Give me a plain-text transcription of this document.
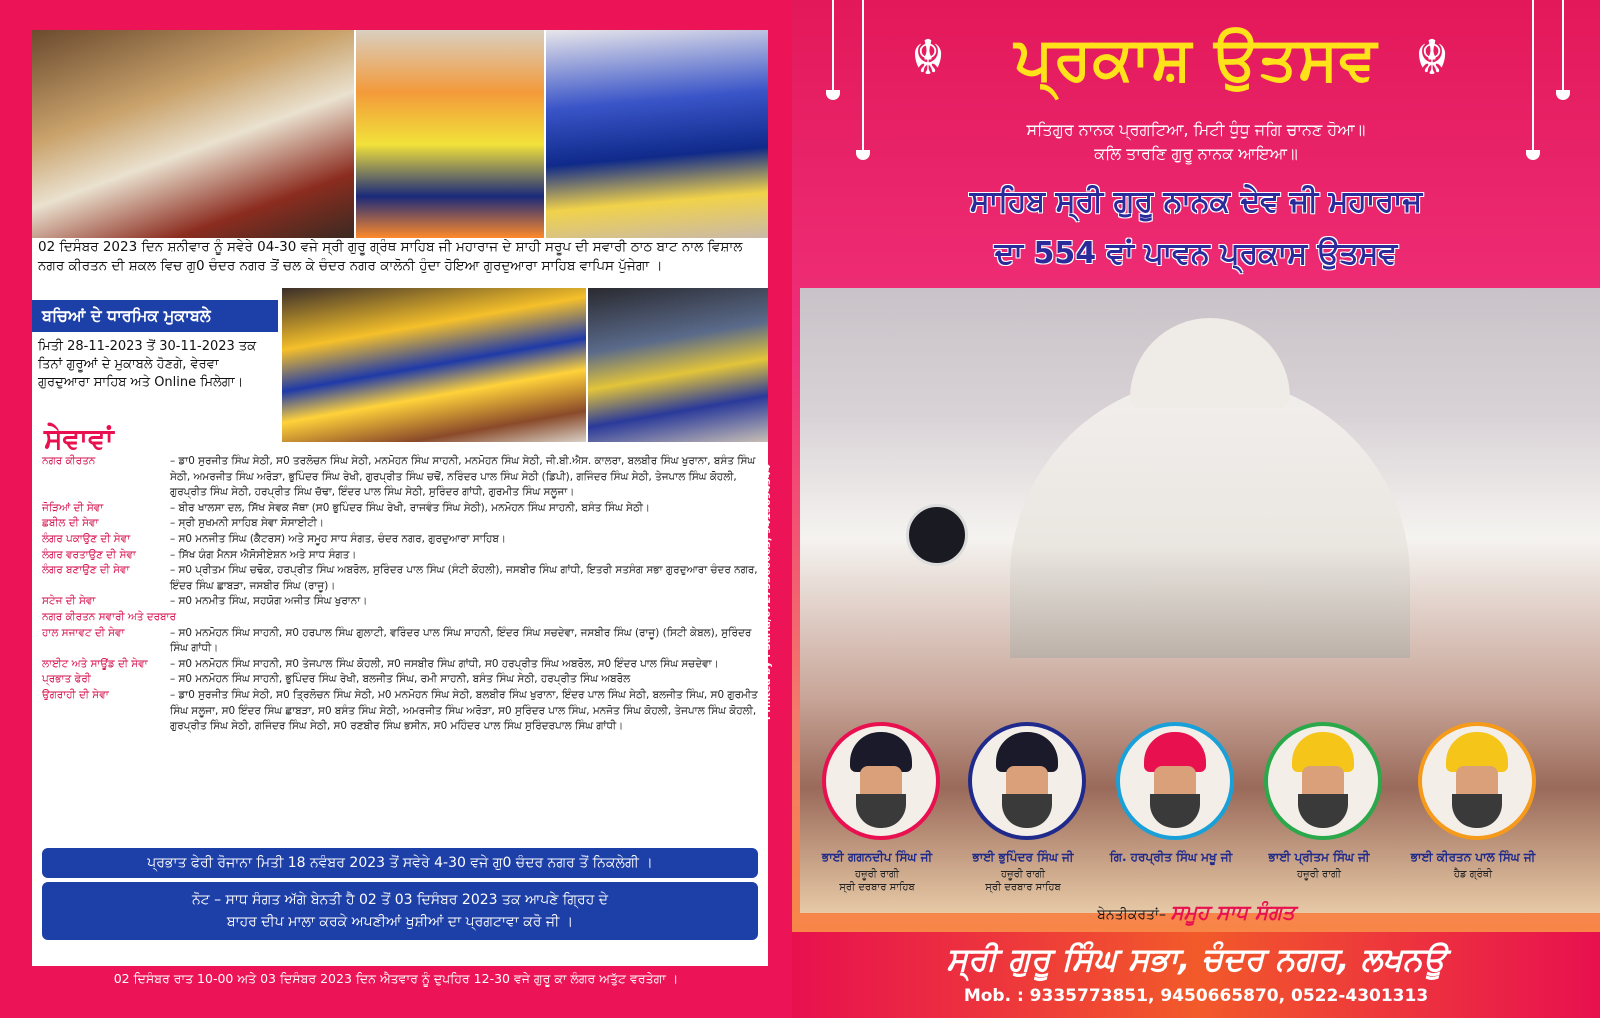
02 ਦਿਸੰਬਰ 2023 ਦਿਨ ਸ਼ਨੀਵਾਰ ਨੂੰ ਸਵੇਰੇ 04-30 ਵਜੇ ਸ੍ਰੀ ਗੁਰੂ ਗ੍ਰੰਥ ਸਾਹਿਬ ਜੀ ਮਹਾਰਾਜ ਦੇ ਸ਼ਾਹੀ ਸਰੂਪ ਦੀ ਸਵਾਰੀ ਠਾਠ ਬਾਟ ਨਾਲ ਵਿਸ਼ਾਲ ਨਗਰ ਕੀਰਤਨ ਦੀ ਸ਼ਕਲ ਵਿਚ ਗੁ0 ਚੰਦਰ ਨਗਰ ਤੋਂ ਚਲ ਕੇ ਚੰਦਰ ਨਗਰ ਕਾਲੋਨੀ ਹੁੰਦਾ ਹੋਇਆ ਗੁਰਦੁਆਰਾ ਸਾਹਿਬ ਵਾਪਿਸ ਪੁੱਜੇਗਾ ।
ਬਚਿਆਂ ਦੇ ਧਾਰਮਿਕ ਮੁਕਾਬਲੇ
ਮਿਤੀ 28-11-2023 ਤੋਂ 30-11-2023 ਤਕ ਤਿਨਾਂ ਗੁਰੂਆਂ ਦੇ ਮੁਕਾਬਲੇ ਹੋਣਗੇ, ਵੇਰਵਾ ਗੁਰਦੁਆਰਾ ਸਾਹਿਬ ਅਤੇ Online ਮਿਲੇਗਾ।
ਸੇਵਾਵਾਂ
ਨਗਰ ਕੀਰਤਨ	– ਡਾ0 ਸੁਰਜੀਤ ਸਿੰਘ ਸੇਠੀ, ਸ0 ਤਰਲੋਚਨ ਸਿੰਘ ਸੇਠੀ, ਮਨਮੋਹਨ ਸਿੰਘ ਸਾਹਨੀ, ਮਨਮੋਹਨ ਸਿੰਘ ਸੇਠੀ, ਜੀ.ਬੀ.ਐਸ. ਕਾਲਰਾ, ਬਲਬੀਰ ਸਿੰਘ ਖੁਰਾਨਾ, ਬਸੰਤ ਸਿੰਘ ਸੇਠੀ, ਅਮਰਜੀਤ ਸਿੰਘ ਅਰੋੜਾ, ਭੁਪਿੰਦਰ ਸਿੰਘ ਰੇਖੀ, ਗੁਰਪ੍ਰੀਤ ਸਿੰਘ ਚਢੋਂ, ਨਰਿੰਦਰ ਪਾਲ ਸਿੰਘ ਸੇਠੀ (ਡਿਪੀ), ਗਜਿੰਦਰ ਸਿੰਘ ਸੇਠੀ, ਤੇਜਪਾਲ ਸਿੰਘ ਕੋਹਲੀ, ਗੁਰਪ੍ਰੀਤ ਸਿੰਘ ਸੇਠੀ, ਹਰਪ੍ਰੀਤ ਸਿੰਘ ਚੱਢਾ, ਇੰਦਰ ਪਾਲ ਸਿੰਘ ਸੇਠੀ, ਸੁਰਿੰਦਰ ਗਾਂਧੀ, ਗੁਰਮੀਤ ਸਿੰਘ ਸਲੂਜਾ।
ਜੋੜਿਆਂ ਦੀ ਸੇਵਾ	– ਬੀਰ ਖਾਲਸਾ ਦਲ, ਸਿੱਖ ਸੇਵਕ ਜੱਥਾ (ਸ0 ਭੁਪਿੰਦਰ ਸਿੰਘ ਰੇਖੀ, ਰਾਜਵੰਤ ਸਿੰਘ ਸੇਠੀ), ਮਨਮੋਹਨ ਸਿੰਘ ਸਾਹਨੀ, ਬਸੰਤ ਸਿੰਘ ਸੇਠੀ।
ਛਬੀਲ ਦੀ ਸੇਵਾ	– ਸ੍ਰੀ ਸੁਖਮਨੀ ਸਾਹਿਬ ਸੇਵਾ ਸੋਸਾਈਟੀ।
ਲੰਗਰ ਪਕਾਉਣ ਦੀ ਸੇਵਾ	– ਸ0 ਮਨਜੀਤ ਸਿੰਘ (ਕੈਟਰਸ) ਅਤੇ ਸਮੂਹ ਸਾਧ ਸੰਗਤ, ਚੰਦਰ ਨਗਰ, ਗੁਰਦੁਆਰਾ ਸਾਹਿਬ।
ਲੰਗਰ ਵਰਤਾਉਣ ਦੀ ਸੇਵਾ	– ਸਿੱਖ ਯੰਗ ਮੈਨਸ ਐਸੋਸੀਏਸ਼ਨ ਅਤੇ ਸਾਧ ਸੰਗਤ।
ਲੰਗਰ ਬਣਾਉਣ ਦੀ ਸੇਵਾ	– ਸ0 ਪ੍ਰੀਤਮ ਸਿੰਘ ਚਢੋਕ, ਹਰਪ੍ਰੀਤ ਸਿੰਘ ਅਬਰੋਲ, ਸੁਰਿੰਦਰ ਪਾਲ ਸਿੰਘ (ਸੰਟੀ ਕੋਹਲੀ), ਜਸਬੀਰ ਸਿੰਘ ਗਾਂਧੀ, ਇਤਰੀ ਸਤਸੰਗ ਸਭਾ ਗੁਰਦੁਆਰਾ ਚੰਦਰ ਨਗਰ, ਇੰਦਰ ਸਿੰਘ ਛਾਬੜਾ, ਜਸਬੀਰ ਸਿੰਘ (ਰਾਜੂ)।
ਸਟੇਜ ਦੀ ਸੇਵਾ	– ਸ0 ਮਨਮੀਤ ਸਿੰਘ, ਸਹਯੋਗ ਅਜੀਤ ਸਿੰਘ ਖੁਰਾਨਾ।
ਨਗਰ ਕੀਰਤਨ ਸਵਾਰੀ ਅਤੇ ਦਰਬਾਰ
ਹਾਲ ਸਜਾਵਟ ਦੀ ਸੇਵਾ	– ਸ0 ਮਨਮੋਹਨ ਸਿੰਘ ਸਾਹਨੀ, ਸ0 ਹਰਪਾਲ ਸਿੰਘ ਗੁਲਾਟੀ, ਵਰਿੰਦਰ ਪਾਲ ਸਿੰਘ ਸਾਹਨੀ, ਇੰਦਰ ਸਿੰਘ ਸਚਦੇਵਾ, ਜਸਬੀਰ ਸਿੰਘ (ਰਾਜੂ) (ਸਿਟੀ ਕੇਬਲ), ਸੁਰਿੰਦਰ ਸਿੰਘ ਗਾਂਧੀ।
ਲਾਈਟ ਅਤੇ ਸਾਊਂਡ ਦੀ ਸੇਵਾ	– ਸ0 ਮਨਮੋਹਨ ਸਿੰਘ ਸਾਹਨੀ, ਸ0 ਤੇਜਪਾਲ ਸਿੰਘ ਕੋਹਲੀ, ਸ0 ਜਸਬੀਰ ਸਿੰਘ ਗਾਂਧੀ, ਸ0 ਹਰਪ੍ਰੀਤ ਸਿੰਘ ਅਬਰੋਲ, ਸ0 ਇੰਦਰ ਪਾਲ ਸਿੰਘ ਸਚਦੇਵਾ।
ਪ੍ਰਭਾਤ ਫੇਰੀ	– ਸ0 ਮਨਮੋਹਨ ਸਿੰਘ ਸਾਹਨੀ, ਭੁਪਿੰਦਰ ਸਿੰਘ ਰੇਖੀ, ਬਲਜੀਤ ਸਿੰਘ, ਰਮੀ ਸਾਹਨੀ, ਬਸੰਤ ਸਿੰਘ ਸੇਠੀ, ਹਰਪ੍ਰੀਤ ਸਿੰਘ ਅਬਰੋਲ
ਉਗਰਾਹੀ ਦੀ ਸੇਵਾ	– ਡਾ0 ਸੁਰਜੀਤ ਸਿੰਘ ਸੇਠੀ, ਸ0 ਤ੍ਰਿਲੋਚਨ ਸਿੰਘ ਸੇਠੀ, ਮ0 ਮਨਮੋਹਨ ਸਿੰਘ ਸੇਠੀ, ਬਲਬੀਰ ਸਿੰਘ ਖੁਰਾਨਾ, ਇੰਦਰ ਪਾਲ ਸਿੰਘ ਸੇਠੀ, ਬਲਜੀਤ ਸਿੰਘ, ਸ0 ਗੁਰਮੀਤ ਸਿੰਘ ਸਲੂਜਾ, ਸ0 ਇੰਦਰ ਸਿੰਘ ਛਾਬੜਾ, ਸ0 ਬਸੰਤ ਸਿੰਘ ਸੇਠੀ, ਅਮਰਜੀਤ ਸਿੰਘ ਅਰੋੜਾ, ਸ0 ਸੁਰਿੰਦਰ ਪਾਲ ਸਿੰਘ, ਮਨਜੋਤ ਸਿੰਘ ਕੋਹਲੀ, ਤੇਜਪਾਲ ਸਿੰਘ ਕੋਹਲੀ, ਗੁਰਪ੍ਰੀਤ ਸਿੰਘ ਸੇਠੀ, ਗਜਿੰਦਰ ਸਿੰਘ ਸੇਠੀ, ਸ0 ਰਣਬੀਰ ਸਿੰਘ ਭਸੀਨ, ਸ0 ਮਹਿੰਦਰ ਪਾਲ ਸਿੰਘ ਸੁਰਿੰਦਰਪਾਲ ਸਿੰਘ ਗਾਂਧੀ।
ਪ੍ਰਭਾਤ ਫੇਰੀ ਰੋਜਾਨਾ ਮਿਤੀ 18 ਨਵੰਬਰ 2023 ਤੋਂ ਸਵੇਰੇ 4-30 ਵਜੇ ਗੁ0 ਚੰਦਰ ਨਗਰ ਤੋਂ ਨਿਕਲੇਗੀ ।
ਨੋਟ – ਸਾਧ ਸੰਗਤ ਅੱਗੇ ਬੇਨਤੀ ਹੈ 02 ਤੋਂ 03 ਦਿਸੰਬਰ 2023 ਤਕ ਆਪਣੇ ਗ੍ਰਿਹ ਦੇ
ਬਾਹਰ ਦੀਪ ਮਾਲਾ ਕਰਕੇ ਅਪਣੀਆਂ ਖੁਸ਼ੀਆਂ ਦਾ ਪ੍ਰਗਟਾਵਾ ਕਰੋ ਜੀ ।
02 ਦਿਸੰਬਰ ਰਾਤ 10-00 ਅਤੇ 03 ਦਿਸੰਬਰ 2023 ਦਿਨ ਐਤਵਾਰ ਨੂੰ ਦੁਪਹਿਰ 12-30 ਵਜੇ ਗੁਰੂ ਕਾ ਲੰਗਰ ਅਤੁੱਟ ਵਰਤੇਗਾ ।
Printed by : Sarla/07275366663, 9415094544
☬	☬
ਪ੍ਰਕਾਸ਼ ਉਤਸਵ
ਸਤਿਗੁਰ ਨਾਨਕ ਪ੍ਰਗਟਿਆ, ਮਿਟੀ ਧੁੰਧੁ ਜਗਿ ਚਾਨਣ ਹੋਆ॥
ਕਲਿ ਤਾਰਣਿ ਗੁਰੂ ਨਾਨਕ ਆਇਆ॥
ਸਾਹਿਬ ਸ੍ਰੀ ਗੁਰੂ ਨਾਨਕ ਦੇਵ ਜੀ ਮਹਾਰਾਜ
ਦਾ 554 ਵਾਂ ਪਾਵਨ ਪ੍ਰਕਾਸ ਉਤਸਵ
ਭਾਈ ਗਗਨਦੀਪ ਸਿੰਘ ਜੀ
ਹਜ਼ੂਰੀ ਰਾਗੀ
ਸ੍ਰੀ ਦਰਬਾਰ ਸਾਹਿਬ
ਭਾਈ ਭੁਪਿੰਦਰ ਸਿੰਘ ਜੀ
ਹਜ਼ੂਰੀ ਰਾਗੀ
ਸ੍ਰੀ ਦਰਬਾਰ ਸਾਹਿਬ
ਗਿ. ਹਰਪ੍ਰੀਤ ਸਿੰਘ ਮਖੂ ਜੀ	ਭਾਈ ਪ੍ਰੀਤਮ ਸਿੰਘ ਜੀ
ਹਜ਼ੂਰੀ ਰਾਗੀ
ਭਾਈ ਕੀਰਤਨ ਪਾਲ ਸਿੰਘ ਜੀ
ਹੈਡ ਗ੍ਰੰਥੀ
ਬੇਨਤੀਕਰਤਾਂ– ਸਮੂਹ ਸਾਧ ਸੰਗਤ
ਸ੍ਰੀ ਗੁਰੂ ਸਿੰਘ ਸਭਾ, ਚੰਦਰ ਨਗਰ, ਲਖਨਊ
Mob. : 9335773851, 9450665870, 0522-4301313
